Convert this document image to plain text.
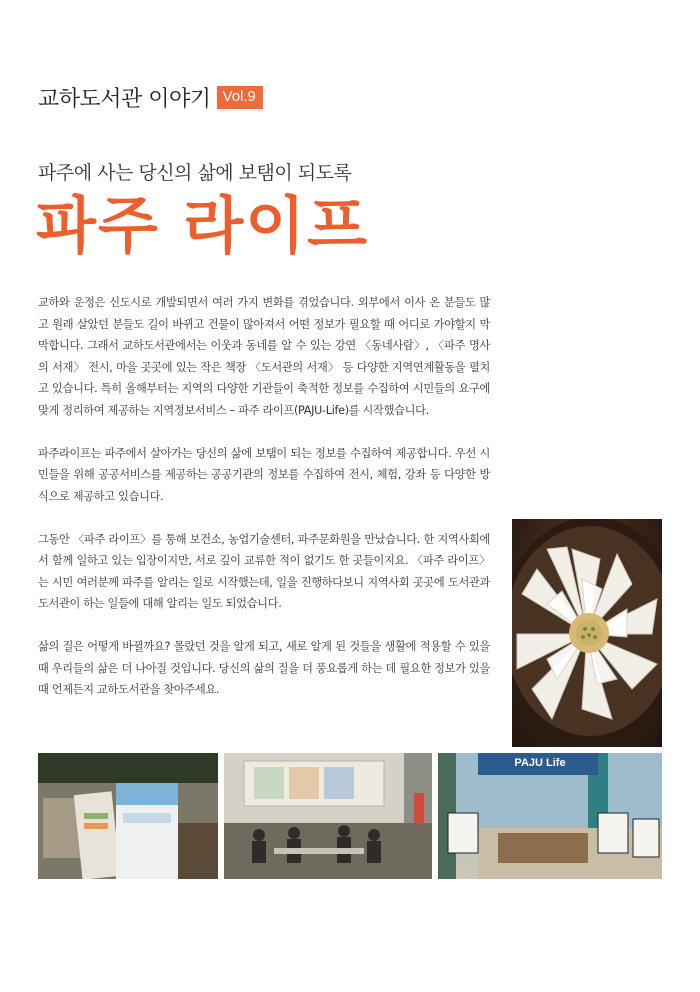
교하도서관 이야기 Vol.9
파주에 사는 당신의 삶에 보탬이 되도록
파주 라이프

교하와 운정은 신도시로 개발되면서 여러 가지 변화를 겪었습니다. 외부에서 이사 온 분들도 많고 원래 살았던 분들도 길이 바뀌고 건물이 많아져서 어떤 정보가 필요할 때 어디로 가야할지 막막합니다. 그래서 교하도서관에서는 이웃과 동네를 알 수 있는 강연 〈동네사람〉, 〈파주 명사의 서재〉 전시, 마을 곳곳에 있는 작은 책장 〈도서관의 서재〉 등 다양한 지역연계활동을 펼치고 있습니다. 특히 올해부터는 지역의 다양한 기관들이 축적한 정보를 수집하여 시민들의 요구에 맞게 정리하여 제공하는 지역정보서비스 – 파주 라이프(PAJU-Life)를 시작했습니다.

파주라이프는 파주에서 살아가는 당신의 삶에 보탬이 되는 정보를 수집하여 제공합니다. 우선 시민들을 위해 공공서비스를 제공하는 공공기관의 정보를 수집하여 전시, 체험, 강좌 등 다양한 방식으로 제공하고 있습니다.

그동안 〈파주 라이프〉를 통해 보건소, 농업기술센터, 파주문화원을 만났습니다. 한 지역사회에서 함께 일하고 있는 입장이지만, 서로 깊이 교류한 적이 없기도 한 곳들이지요. 〈파주 라이프〉는 시민 여러분께 파주를 알리는 일로 시작했는데, 일을 진행하다보니 지역사회 곳곳에 도서관과 도서관이 하는 일들에 대해 알리는 일도 되었습니다.

삶의 질은 어떻게 바뀔까요? 몰랐던 것을 알게 되고, 새로 알게 된 것들을 생활에 적용할 수 있을 때 우리들의 삶은 더 나아질 것입니다. 당신의 삶의 질을 더 풍요롭게 하는 데 필요한 정보가 있을 때 언제든지 교하도서관을 찾아주세요.

PAJU Life
